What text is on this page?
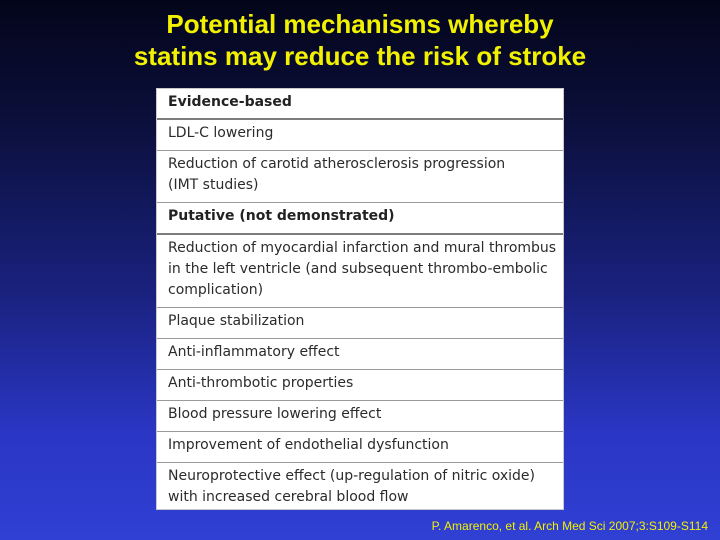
Potential mechanisms whereby
statins may reduce the risk of stroke
Evidence-based
LDL-C lowering
Reduction of carotid atherosclerosis progression
(IMT studies)
Putative (not demonstrated)
Reduction of myocardial infarction and mural thrombus
in the left ventricle (and subsequent thrombo-embolic
complication)
Plaque stabilization
Anti-inflammatory effect
Anti-thrombotic properties
Blood pressure lowering effect
Improvement of endothelial dysfunction
Neuroprotective effect (up-regulation of nitric oxide)
with increased cerebral blood flow
P. Amarenco, et al. Arch Med Sci 2007;3:S109-S114
